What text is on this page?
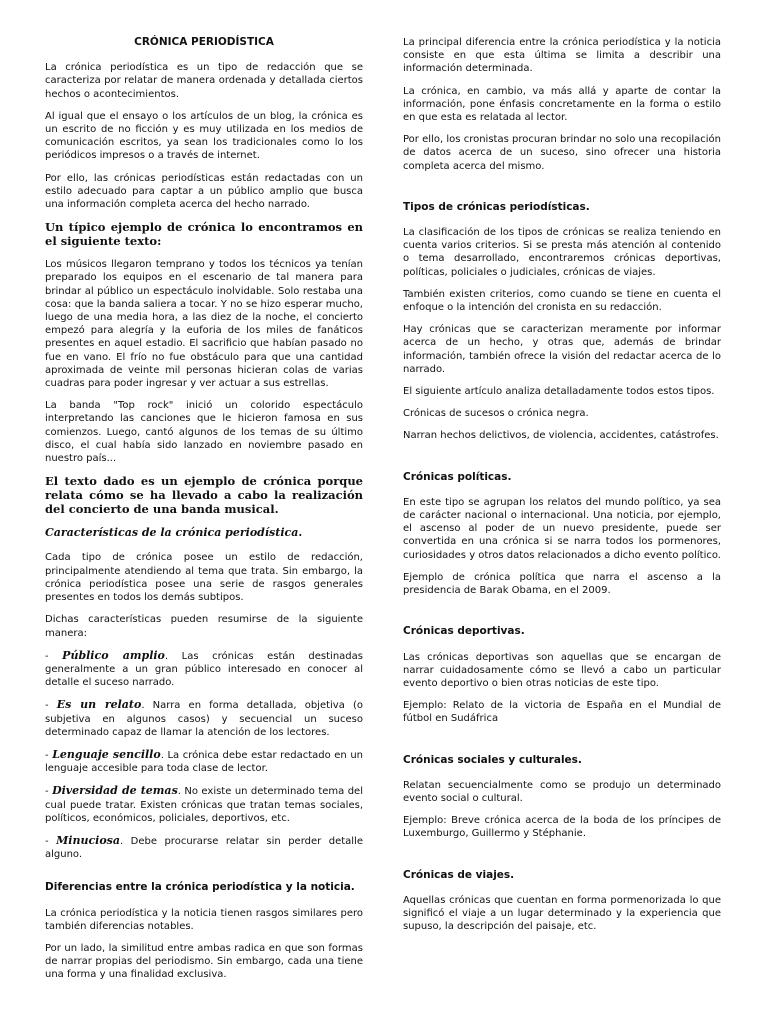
CRÓNICA PERIODÍSTICA

La crónica periodística es un tipo de redacción que se caracteriza por relatar de manera ordenada y detallada ciertos hechos o acontecimientos.

Al igual que el ensayo o los artículos de un blog, la crónica es un escrito de no ficción y es muy utilizada en los medios de comunicación escritos, ya sean los tradicionales como lo los periódicos impresos o a través de internet.

Por ello, las crónicas periodísticas están redactadas con un estilo adecuado para captar a un público amplio que busca una información completa acerca del hecho narrado.

Un típico ejemplo de crónica lo encontramos en el siguiente texto:

Los músicos llegaron temprano y todos los técnicos ya tenían preparado los equipos en el escenario de tal manera para brindar al público un espectáculo inolvidable. Solo restaba una cosa: que la banda saliera a tocar. Y no se hizo esperar mucho, luego de una media hora, a las diez de la noche, el concierto empezó para alegría y la euforia de los miles de fanáticos presentes en aquel estadio. El sacrificio que habían pasado no fue en vano. El frío no fue obstáculo para que una cantidad aproximada de veinte mil personas hicieran colas de varias cuadras para poder ingresar y ver actuar a sus estrellas.

La banda "Top rock" inició un colorido espectáculo interpretando las canciones que le hicieron famosa en sus comienzos. Luego, cantó algunos de los temas de su último disco, el cual había sido lanzado en noviembre pasado en nuestro país...

El texto dado es un ejemplo de crónica porque relata cómo se ha llevado a cabo la realización del concierto de una banda musical.

Características de la crónica periodística.

Cada tipo de crónica posee un estilo de redacción, principalmente atendiendo al tema que trata. Sin embargo, la crónica periodística posee una serie de rasgos generales presentes en todos los demás subtipos.

Dichas características pueden resumirse de la siguiente manera:

- Público amplio. Las crónicas están destinadas generalmente a un gran público interesado en conocer al detalle el suceso narrado.

- Es un relato. Narra en forma detallada, objetiva (o subjetiva en algunos casos) y secuencial un suceso determinado capaz de llamar la atención de los lectores.

- Lenguaje sencillo. La crónica debe estar redactado en un lenguaje accesible para toda clase de lector.

- Diversidad de temas. No existe un determinado tema del cual puede tratar. Existen crónicas que tratan temas sociales, políticos, económicos, policiales, deportivos, etc.

- Minuciosa. Debe procurarse relatar sin perder detalle alguno.

Diferencias entre la crónica periodística y la noticia.

La crónica periodística y la noticia tienen rasgos similares pero también diferencias notables.

Por un lado, la similitud entre ambas radica en que son formas de narrar propias del periodismo. Sin embargo, cada una tiene una forma y una finalidad exclusiva.

La principal diferencia entre la crónica periodística y la noticia consiste en que esta última se limita a describir una información determinada.

La crónica, en cambio, va más allá y aparte de contar la información, pone énfasis concretamente en la forma o estilo en que esta es relatada al lector.

Por ello, los cronistas procuran brindar no solo una recopilación de datos acerca de un suceso, sino ofrecer una historia completa acerca del mismo.

Tipos de crónicas periodísticas.

La clasificación de los tipos de crónicas se realiza teniendo en cuenta varios criterios. Si se presta más atención al contenido o tema desarrollado, encontraremos crónicas deportivas, políticas, policiales o judiciales, crónicas de viajes.

También existen criterios, como cuando se tiene en cuenta el enfoque o la intención del cronista en su redacción.

Hay crónicas que se caracterizan meramente por informar acerca de un hecho, y otras que, además de brindar información, también ofrece la visión del redactar acerca de lo narrado.

El siguiente artículo analiza detalladamente todos estos tipos.

Crónicas de sucesos o crónica negra.

Narran hechos delictivos, de violencia, accidentes, catástrofes.

Crónicas políticas.

En este tipo se agrupan los relatos del mundo político, ya sea de carácter nacional o internacional. Una noticia, por ejemplo, el ascenso al poder de un nuevo presidente, puede ser convertida en una crónica si se narra todos los pormenores, curiosidades y otros datos relacionados a dicho evento político.

Ejemplo de crónica política que narra el ascenso a la presidencia de Barak Obama, en el 2009.

Crónicas deportivas.

Las crónicas deportivas son aquellas que se encargan de narrar cuidadosamente cómo se llevó a cabo un particular evento deportivo o bien otras noticias de este tipo.

Ejemplo: Relato de la victoria de España en el Mundial de fútbol en Sudáfrica

Crónicas sociales y culturales.

Relatan secuencialmente como se produjo un determinado evento social o cultural.

Ejemplo: Breve crónica acerca de la boda de los príncipes de Luxemburgo, Guillermo y Stéphanie.

Crónicas de viajes.

Aquellas crónicas que cuentan en forma pormenorizada lo que significó el viaje a un lugar determinado y la experiencia que supuso, la descripción del paisaje, etc.
